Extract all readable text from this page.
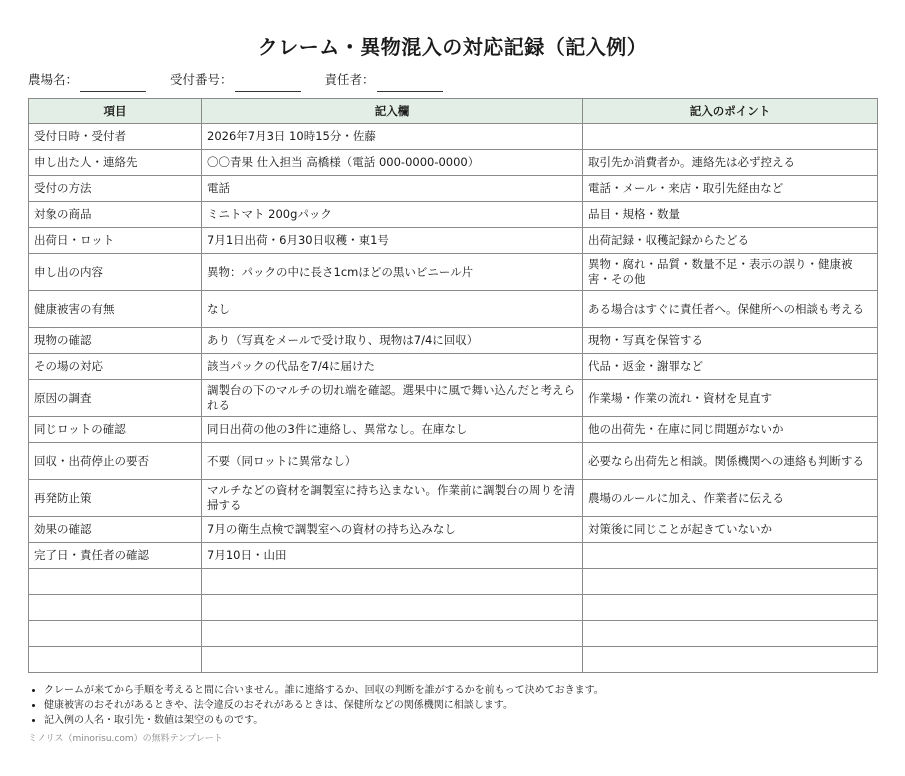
クレーム・異物混入の対応記録（記入例）
農場名：	受付番号：	責任者：
項目	記入欄	記入のポイント
受付日時・受付者	2026年7月3日 10時15分・佐藤	
申し出た人・連絡先	〇〇青果 仕入担当 高橋様（電話 000-0000-0000）	取引先か消費者か。連絡先は必ず控える
受付の方法	電話	電話・メール・来店・取引先経由など
対象の商品	ミニトマト 200gパック	品目・規格・数量
出荷日・ロット	7月1日出荷・6月30日収穫・東1号	出荷記録・収穫記録からたどる
申し出の内容	異物：パックの中に長さ1cmほどの黒いビニール片	異物・腐れ・品質・数量不足・表示の誤り・健康被害・その他
健康被害の有無	なし	ある場合はすぐに責任者へ。保健所への相談も考える
現物の確認	あり（写真をメールで受け取り、現物は7/4に回収）	現物・写真を保管する
その場の対応	該当パックの代品を7/4に届けた	代品・返金・謝罪など
原因の調査	調製台の下のマルチの切れ端を確認。選果中に風で舞い込んだと考えられる	作業場・作業の流れ・資材を見直す
同じロットの確認	同日出荷の他の3件に連絡し、異常なし。在庫なし	他の出荷先・在庫に同じ問題がないか
回収・出荷停止の要否	不要（同ロットに異常なし）	必要なら出荷先と相談。関係機関への連絡も判断する
再発防止策	マルチなどの資材を調製室に持ち込まない。作業前に調製台の周りを清掃する	農場のルールに加え、作業者に伝える
効果の確認	7月の衛生点検で調製室への資材の持ち込みなし	対策後に同じことが起きていないか
完了日・責任者の確認	7月10日・山田	

• クレームが来てから手順を考えると間に合いません。誰に連絡するか、回収の判断を誰がするかを前もって決めておきます。
• 健康被害のおそれがあるときや、法令違反のおそれがあるときは、保健所などの関係機関に相談します。
• 記入例の人名・取引先・数値は架空のものです。
ミノリス（minorisu.com）の無料テンプレート
